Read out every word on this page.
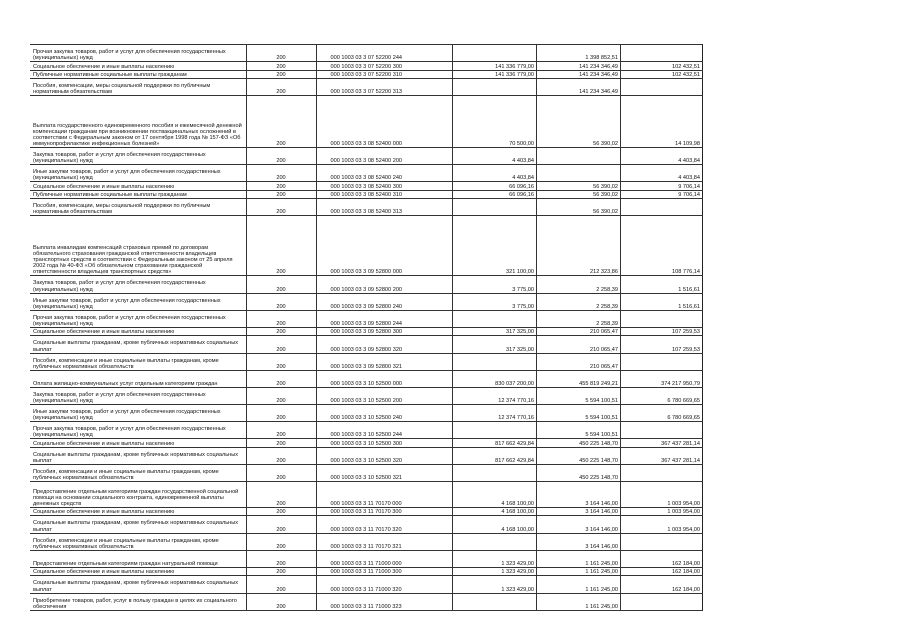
Прочая закупка товаров, работ и услуг для обеспечения государственных (муниципальных) нужд	200	000 1003 03 3 07 52200 244		1 398 852,51	

Социальное обеспечение и иные выплаты населению	200	000 1003 03 3 07 52200 300	141 336 779,00	141 234 346,49	102 432,51

Публичные нормативные социальные выплаты гражданам	200	000 1003 03 3 07 52200 310	141 336 779,00	141 234 346,49	102 432,51

Пособия, компенсации, меры социальной поддержки по публичным нормативным обязательствам	200	000 1003 03 3 07 52200 313		141 234 346,49	

Выплата государственного единовременного пособия и ежемесячной денежной компенсации гражданам при возникновении поствакцинальных осложнений в соответствии с Федеральным законом от 17 сентября 1998 года № 157-ФЗ «Об иммунопрофилактике инфекционных болезней»	200	000 1003 03 3 08 52400 000	70 500,00	56 390,02	14 109,98

Закупка товаров, работ и услуг для обеспечения государственных (муниципальных) нужд	200	000 1003 03 3 08 52400 200	4 403,84		4 403,84

Иные закупки товаров, работ и услуг для обеспечения государственных (муниципальных) нужд	200	000 1003 03 3 08 52400 240	4 403,84		4 403,84

Социальное обеспечение и иные выплаты населению	200	000 1003 03 3 08 52400 300	66 096,16	56 390,02	9 706,14

Публичные нормативные социальные выплаты гражданам	200	000 1003 03 3 08 52400 310	66 096,16	56 390,02	9 706,14

Пособия, компенсации, меры социальной поддержки по публичным нормативным обязательствам	200	000 1003 03 3 08 52400 313		56 390,02	

Выплата инвалидам компенсаций страховых премий по договорам обязательного страхования гражданской ответственности владельцев транспортных средств в соответствии с Федеральным законом от 25 апреля 2002 года № 40-ФЗ «Об обязательном страховании гражданской ответственности владельцев транспортных средств»	200	000 1003 03 3 09 52800 000	321 100,00	212 323,86	108 776,14

Закупка товаров, работ и услуг для обеспечения государственных (муниципальных) нужд	200	000 1003 03 3 09 52800 200	3 775,00	2 258,39	1 516,61

Иные закупки товаров, работ и услуг для обеспечения государственных (муниципальных) нужд	200	000 1003 03 3 09 52800 240	3 775,00	2 258,39	1 516,61

Прочая закупка товаров, работ и услуг для обеспечения государственных (муниципальных) нужд	200	000 1003 03 3 09 52800 244		2 258,39	

Социальное обеспечение и иные выплаты населению	200	000 1003 03 3 09 52800 300	317 325,00	210 065,47	107 259,53

Социальные выплаты гражданам, кроме публичных нормативных социальных выплат	200	000 1003 03 3 09 52800 320	317 325,00	210 065,47	107 259,53

Пособия, компенсации и иные социальные выплаты гражданам, кроме публичных нормативных обязательств	200	000 1003 03 3 09 52800 321		210 065,47	

Оплата жилищно-коммунальных услуг отдельным категориям граждан	200	000 1003 03 3 10 52500 000	830 037 200,00	455 819 249,21	374 217 950,79

Закупка товаров, работ и услуг для обеспечения государственных (муниципальных) нужд	200	000 1003 03 3 10 52500 200	12 374 770,16	5 594 100,51	6 780 669,65

Иные закупки товаров, работ и услуг для обеспечения государственных (муниципальных) нужд	200	000 1003 03 3 10 52500 240	12 374 770,16	5 594 100,51	6 780 669,65

Прочая закупка товаров, работ и услуг для обеспечения государственных (муниципальных) нужд	200	000 1003 03 3 10 52500 244		5 594 100,51	

Социальное обеспечение и иные выплаты населению	200	000 1003 03 3 10 52500 300	817 662 429,84	450 225 148,70	367 437 281,14

Социальные выплаты гражданам, кроме публичных нормативных социальных выплат	200	000 1003 03 3 10 52500 320	817 662 429,84	450 225 148,70	367 437 281,14

Пособия, компенсации и иные социальные выплаты гражданам, кроме публичных нормативных обязательств	200	000 1003 03 3 10 52500 321		450 225 148,70	

Предоставление отдельным категориям граждан государственной социальной помощи на основании социального контракта, единовременной выплаты денежных средств	200	000 1003 03 3 11 70170 000	4 168 100,00	3 164 146,00	1 003 954,00

Социальное обеспечение и иные выплаты населению	200	000 1003 03 3 11 70170 300	4 168 100,00	3 164 146,00	1 003 954,00

Социальные выплаты гражданам, кроме публичных нормативных социальных выплат	200	000 1003 03 3 11 70170 320	4 168 100,00	3 164 146,00	1 003 954,00

Пособия, компенсации и иные социальные выплаты гражданам, кроме публичных нормативных обязательств	200	000 1003 03 3 11 70170 321		3 164 146,00	

Предоставление отдельным категориям граждан натуральной помощи	200	000 1003 03 3 11 71000 000	1 323 429,00	1 161 245,00	162 184,00

Социальное обеспечение и иные выплаты населению	200	000 1003 03 3 11 71000 300	1 323 429,00	1 161 245,00	162 184,00

Социальные выплаты гражданам, кроме публичных нормативных социальных выплат	200	000 1003 03 3 11 71000 320	1 323 429,00	1 161 245,00	162 184,00

Приобретение товаров, работ, услуг в пользу граждан в целях их социального обеспечения	200	000 1003 03 3 11 71000 323		1 161 245,00	
